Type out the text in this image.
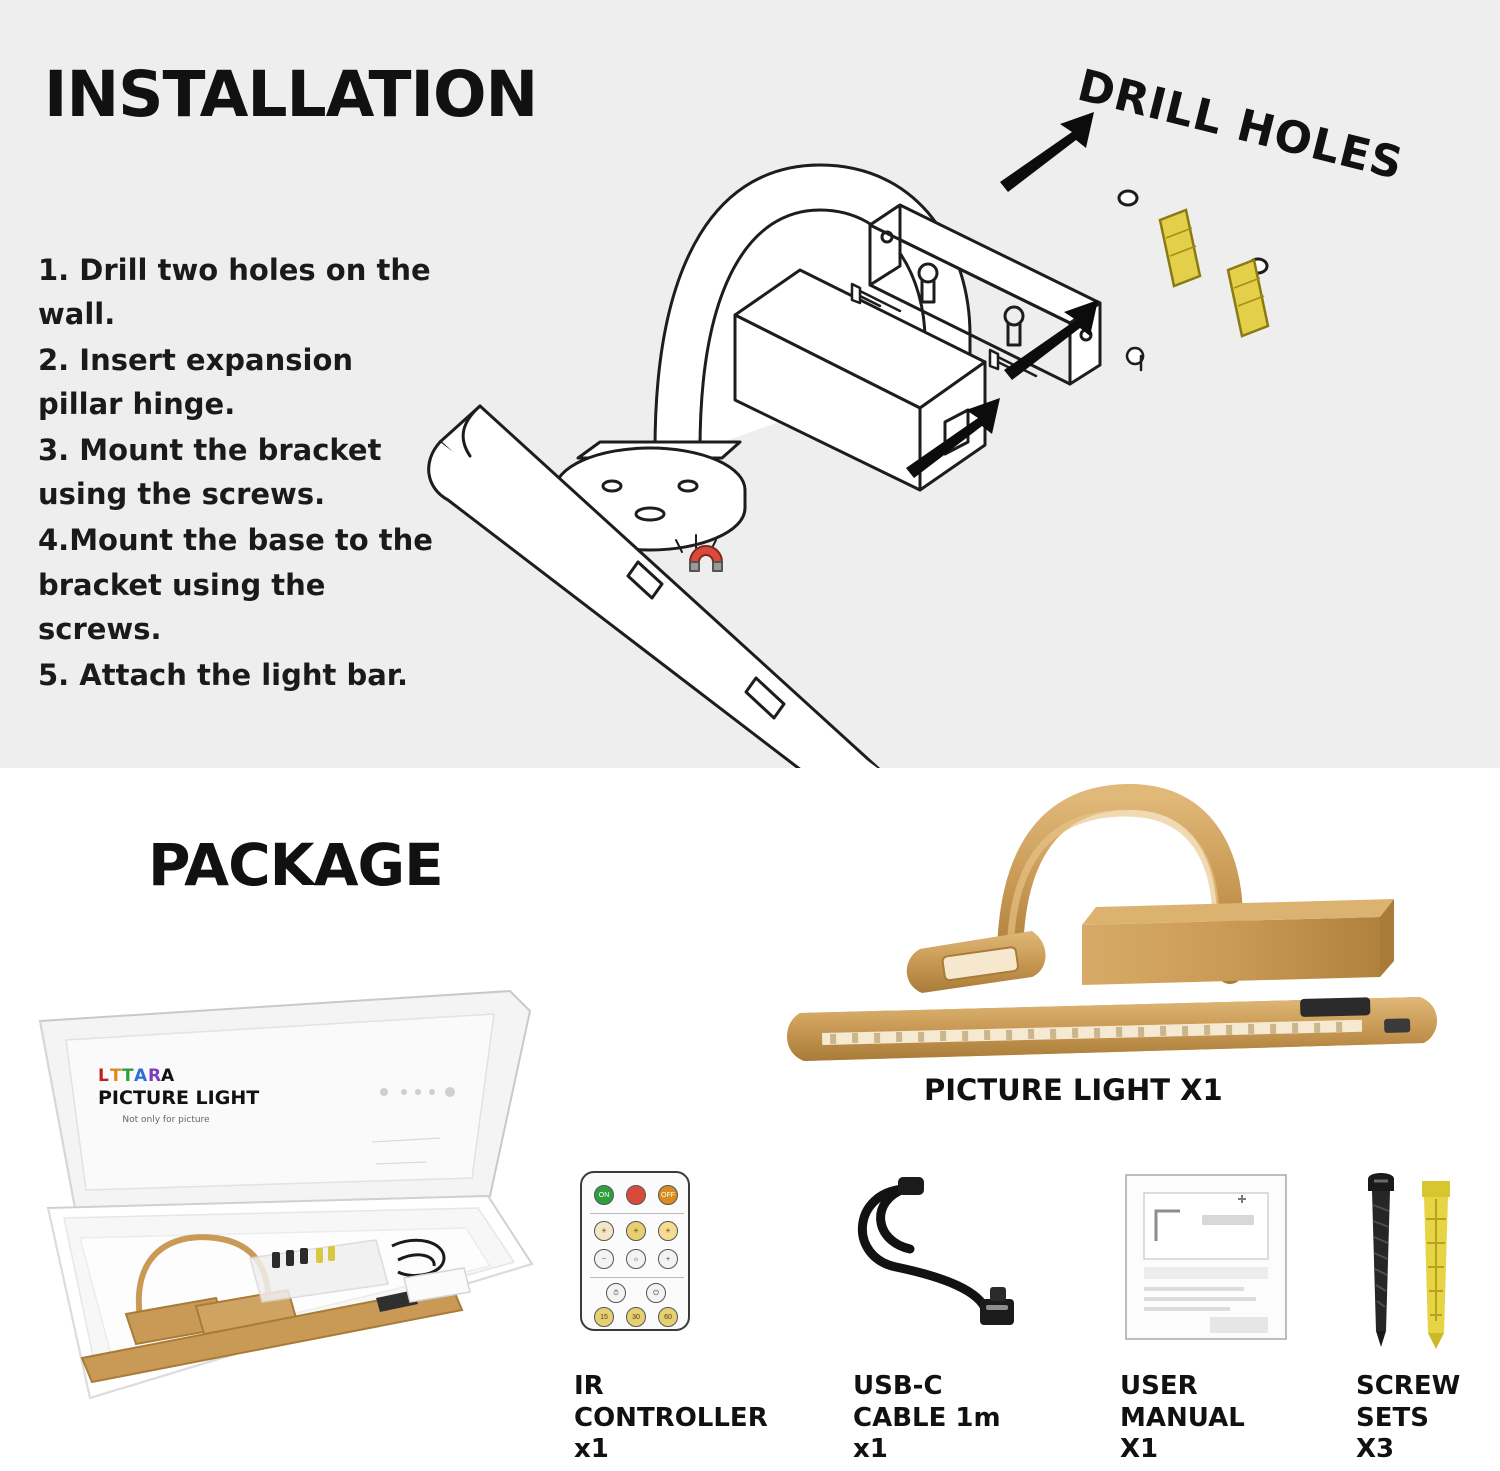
INSTALLATION

1. Drill two holes on the wall.

2. Insert expansion pillar hinge.

3. Mount the bracket using the screws.

4.Mount the base to the bracket using the screws.

5. Attach the light bar.

DRILL HOLES
PACKAGE
L T T A R A
PICTURE LIGHT
Not only for picture
PICTURE LIGHT X1
ON	OFF
☀	☀	☀
−	☼	+
⏱	⏻
15	30	60
IR
CONTROLLER
x1
USB-C
CABLE 1m
x1
USER
MANUAL
X1
SCREW
SETS
X3
